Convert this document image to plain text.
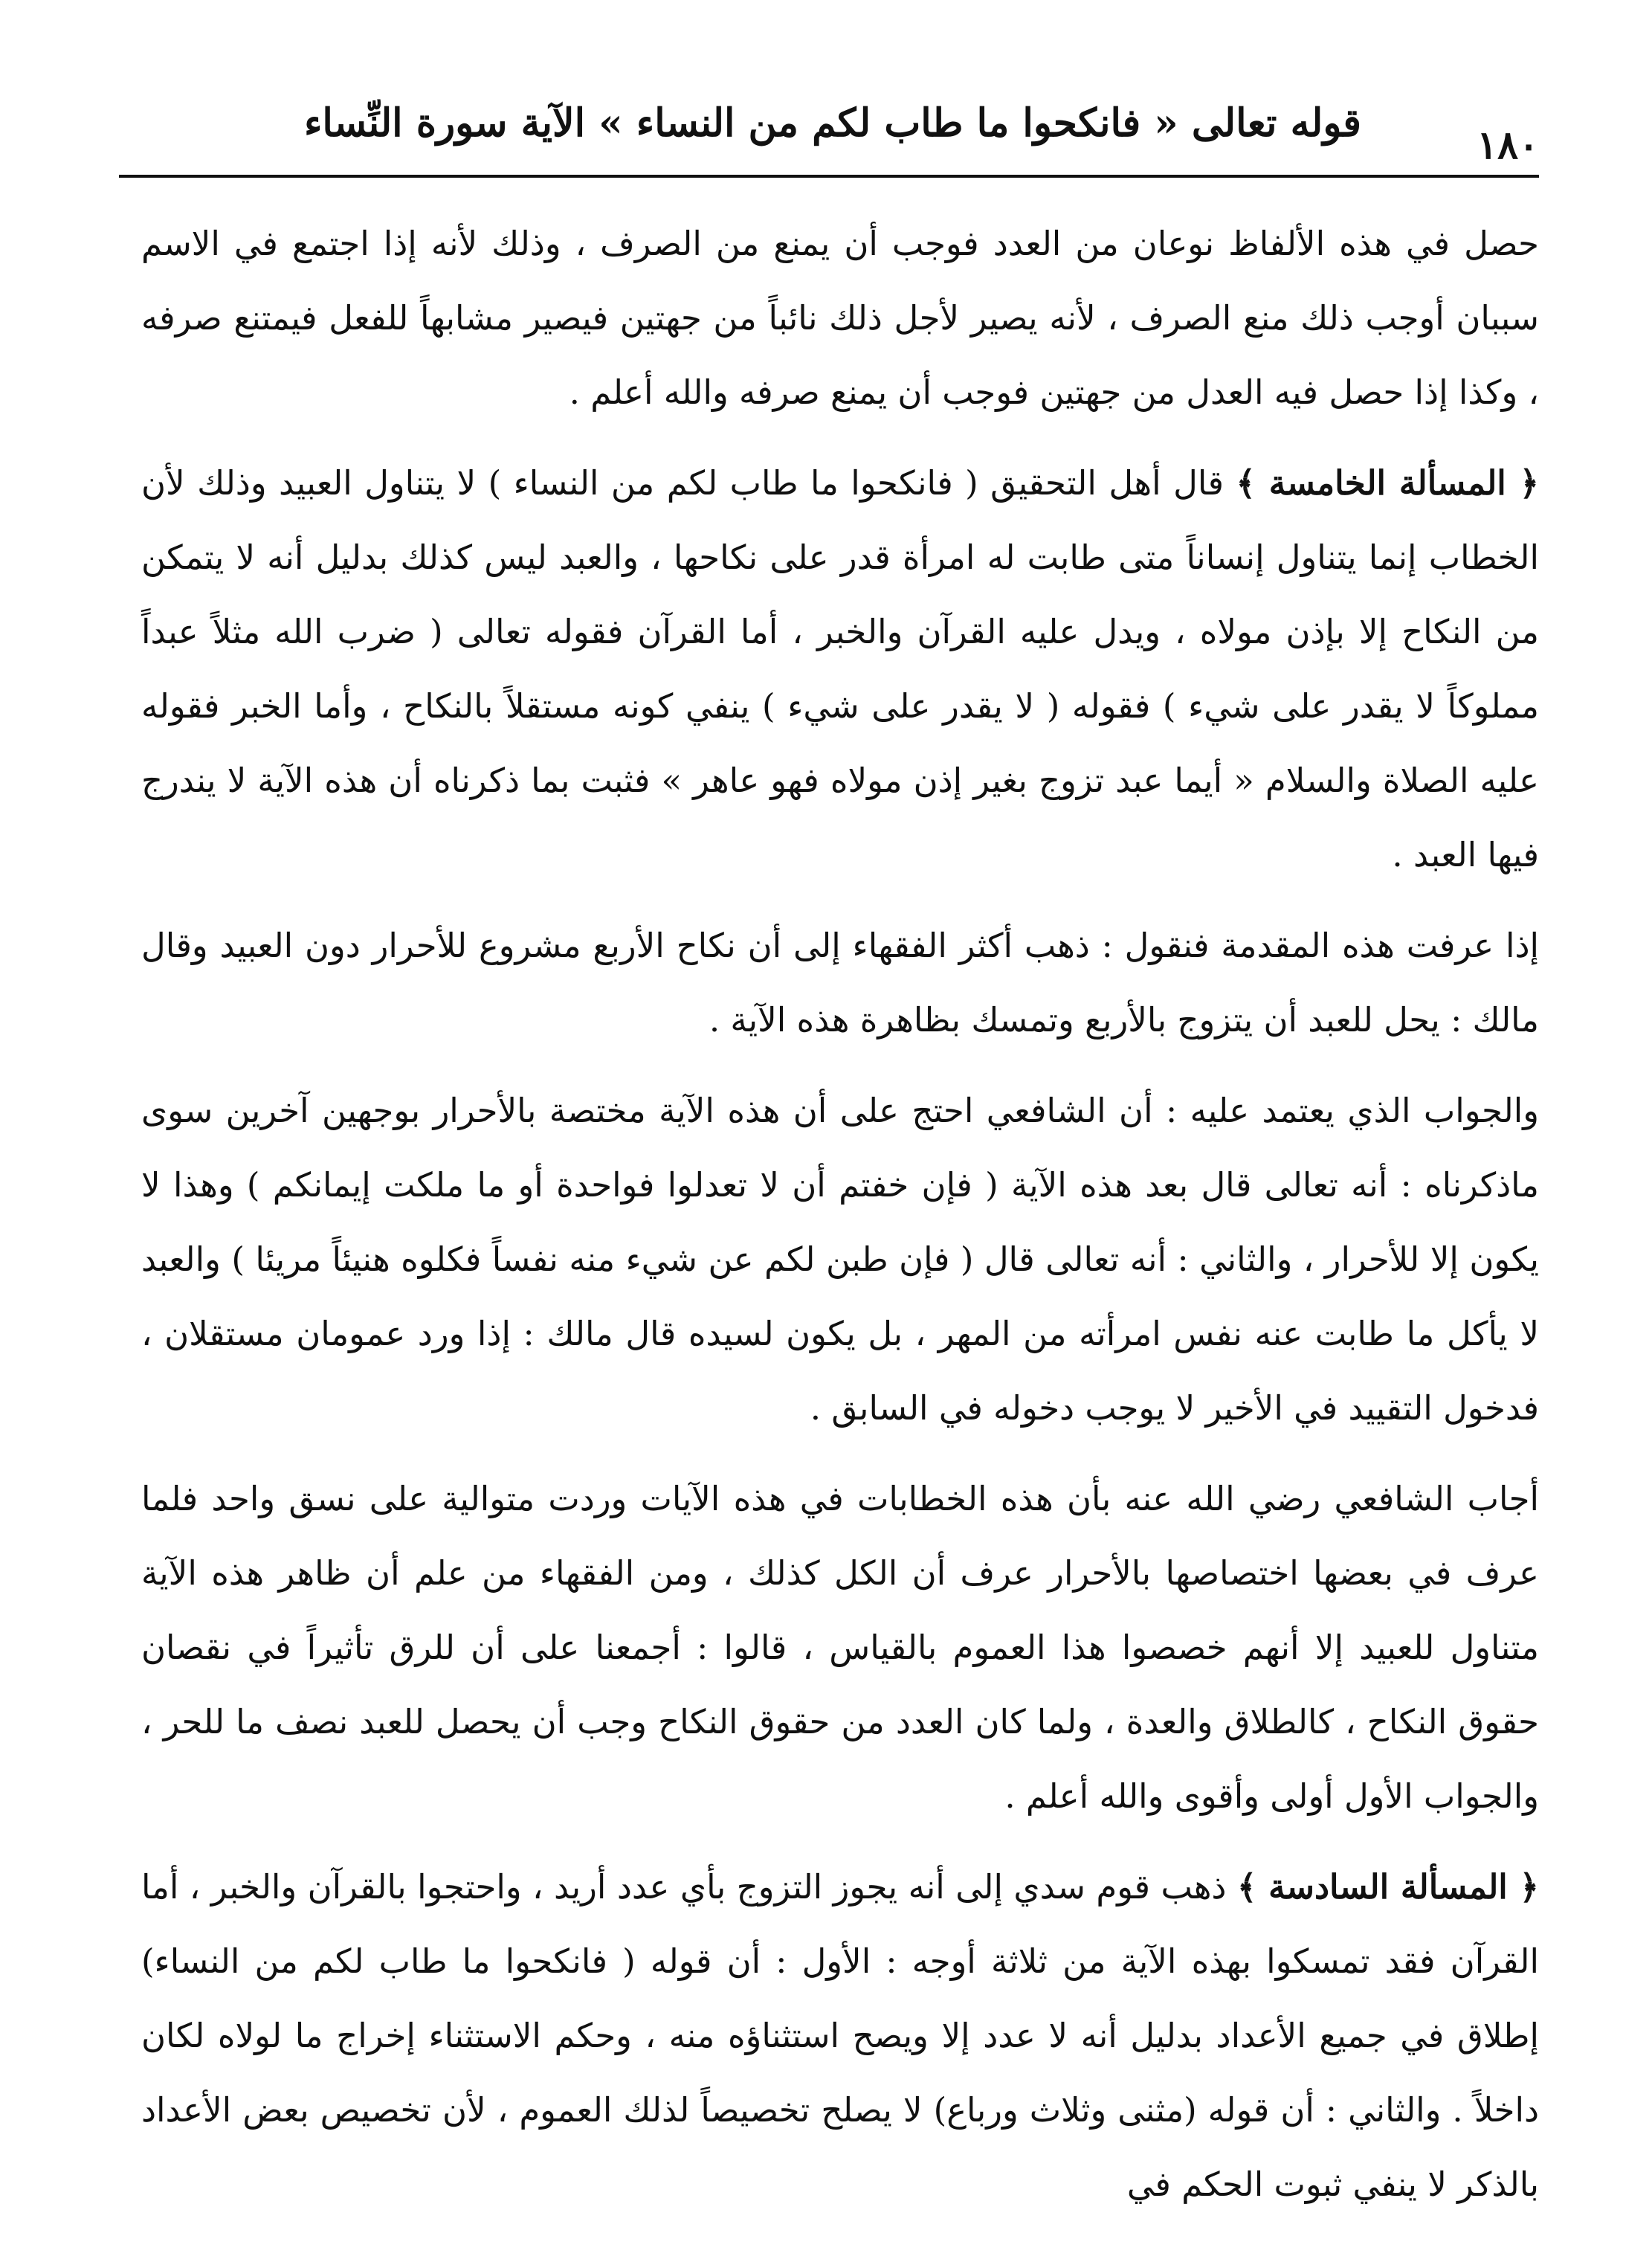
١٨٠
قوله تعالى « فانكحوا ما طاب لكم من النساء » الآية سورة النِّساء

حصل في هذه الألفاظ نوعان من العدد فوجب أن يمنع من الصرف ، وذلك لأنه إذا اجتمع في الاسم سببان أوجب ذلك منع الصرف ، لأنه يصير لأجل ذلك نائباً من جهتين فيصير مشابهاً للفعل فيمتنع صرفه ، وكذا إذا حصل فيه العدل من جهتين فوجب أن يمنع صرفه والله أعلم .

﴿ المسألة الخامسة ﴾ قال أهل التحقيق ( فانكحوا ما طاب لكم من النساء ) لا يتناول العبيد وذلك لأن الخطاب إنما يتناول إنساناً متى طابت له امرأة قدر على نكاحها ، والعبد ليس كذلك بدليل أنه لا يتمكن من النكاح إلا بإذن مولاه ، ويدل عليه القرآن والخبر ، أما القرآن فقوله تعالى ( ضرب الله مثلاً عبداً مملوكاً لا يقدر على شيء ) فقوله ( لا يقدر على شيء ) ينفي كونه مستقلاً بالنكاح ، وأما الخبر فقوله عليه الصلاة والسلام « أيما عبد تزوج بغير إذن مولاه فهو عاهر » فثبت بما ذكرناه أن هذه الآية لا يندرج فيها العبد .

إذا عرفت هذه المقدمة فنقول : ذهب أكثر الفقهاء إلى أن نكاح الأربع مشروع للأحرار دون العبيد وقال مالك : يحل للعبد أن يتزوج بالأربع وتمسك بظاهرة هذه الآية .

والجواب الذي يعتمد عليه : أن الشافعي احتج على أن هذه الآية مختصة بالأحرار بوجهين آخرين سوى ماذكرناه : أنه تعالى قال بعد هذه الآية ( فإن خفتم أن لا تعدلوا فواحدة أو ما ملكت إيمانكم ) وهذا لا يكون إلا للأحرار ، والثاني : أنه تعالى قال ( فإن طبن لكم عن شيء منه نفساً فكلوه هنيئاً مريئا ) والعبد لا يأكل ما طابت عنه نفس امرأته من المهر ، بل يكون لسيده قال مالك : إذا ورد عمومان مستقلان ، فدخول التقييد في الأخير لا يوجب دخوله في السابق .

أجاب الشافعي رضي الله عنه بأن هذه الخطابات في هذه الآيات وردت متوالية على نسق واحد فلما عرف في بعضها اختصاصها بالأحرار عرف أن الكل كذلك ، ومن الفقهاء من علم أن ظاهر هذه الآية متناول للعبيد إلا أنهم خصصوا هذا العموم بالقياس ، قالوا : أجمعنا على أن للرق تأثيراً في نقصان حقوق النكاح ، كالطلاق والعدة ، ولما كان العدد من حقوق النكاح وجب أن يحصل للعبد نصف ما للحر ، والجواب الأول أولى وأقوى والله أعلم .

﴿ المسألة السادسة ﴾ ذهب قوم سدي إلى أنه يجوز التزوج بأي عدد أريد ، واحتجوا بالقرآن والخبر ، أما القرآن فقد تمسكوا بهذه الآية من ثلاثة أوجه : الأول : أن قوله ( فانكحوا ما طاب لكم من النساء) إطلاق في جميع الأعداد بدليل أنه لا عدد إلا ويصح استثناؤه منه ، وحكم الاستثناء إخراج ما لولاه لكان داخلاً . والثاني : أن قوله (مثنى وثلاث ورباع) لا يصلح تخصيصاً لذلك العموم ، لأن تخصيص بعض الأعداد بالذكر لا ينفي ثبوت الحكم في
